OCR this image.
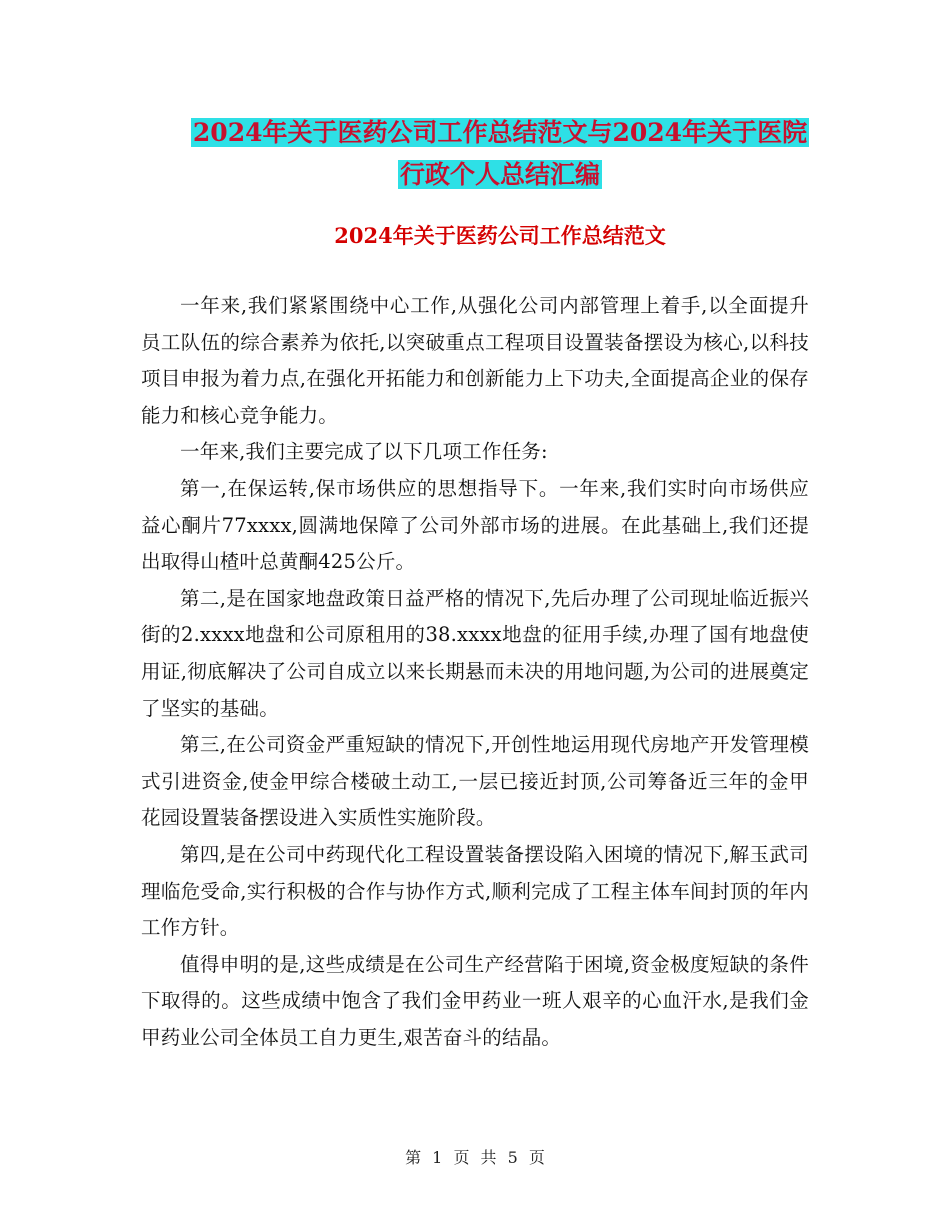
2024年关于医药公司工作总结范文与2024年关于医院
行政个人总结汇编
2024年关于医药公司工作总结范文

一年来,我们紧紧围绕中心工作,从强化公司内部管理上着手,以全面提升员工队伍的综合素养为依托,以突破重点工程项目设置装备摆设为核心,以科技项目申报为着力点,在强化开拓能力和创新能力上下功夫,全面提高企业的保存能力和核心竞争能力。

一年来,我们主要完成了以下几项工作任务:

第一,在保运转,保市场供应的思想指导下。一年来,我们实时向市场供应益心酮片77xxxx,圆满地保障了公司外部市场的进展。在此基础上,我们还提出取得山楂叶总黄酮425公斤。

第二,是在国家地盘政策日益严格的情况下,先后办理了公司现址临近振兴街的2.xxxx地盘和公司原租用的38.xxxx地盘的征用手续,办理了国有地盘使用证,彻底解决了公司自成立以来长期悬而未决的用地问题,为公司的进展奠定了坚实的基础。

第三,在公司资金严重短缺的情况下,开创性地运用现代房地产开发管理模式引进资金,使金甲综合楼破土动工,一层已接近封顶,公司筹备近三年的金甲花园设置装备摆设进入实质性实施阶段。

第四,是在公司中药现代化工程设置装备摆设陷入困境的情况下,解玉武司理临危受命,实行积极的合作与协作方式,顺利完成了工程主体车间封顶的年内工作方针。

值得申明的是,这些成绩是在公司生产经营陷于困境,资金极度短缺的条件下取得的。这些成绩中饱含了我们金甲药业一班人艰辛的心血汗水,是我们金甲药业公司全体员工自力更生,艰苦奋斗的结晶。

第 1 页 共 5 页
